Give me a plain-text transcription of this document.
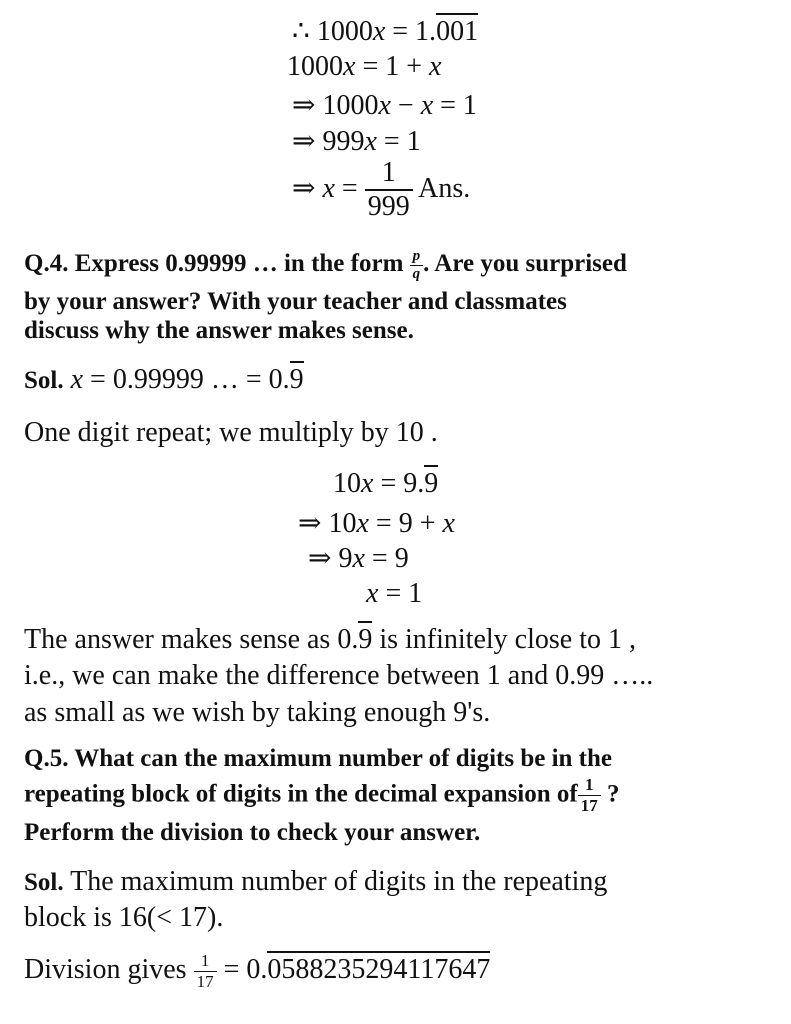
∴ 1000x = 1.001
1000x = 1 + x
⇒ 1000x − x = 1
⇒ 999x = 1
⇒ $x = \frac{1}{999}$ Ans.
Q.4. Express 0.99999 … in the form $\frac{p}{q}$ . Are you surprised
by your answer? With your teacher and classmates
discuss why the answer makes sense.
Sol. x = 0.99999 … = 0.9
One digit repeat; we multiply by 10 .
10x = 9.9
⇒ 10x = 9 + x
⇒ 9x = 9
x = 1
The answer makes sense as 0.9 is infinitely close to 1 ,
i.e., we can make the difference between 1 and 0.99 …..
as small as we wish by taking enough 9's.
Q.5. What can the maximum number of digits be in the
repeating block of digits in the decimal expansion of $\frac{1}{17}$ ?
Perform the division to check your answer.
Sol. The maximum number of digits in the repeating
block is 16(< 17).
Division gives $\frac{1}{17} = 0.0588235294117647$
